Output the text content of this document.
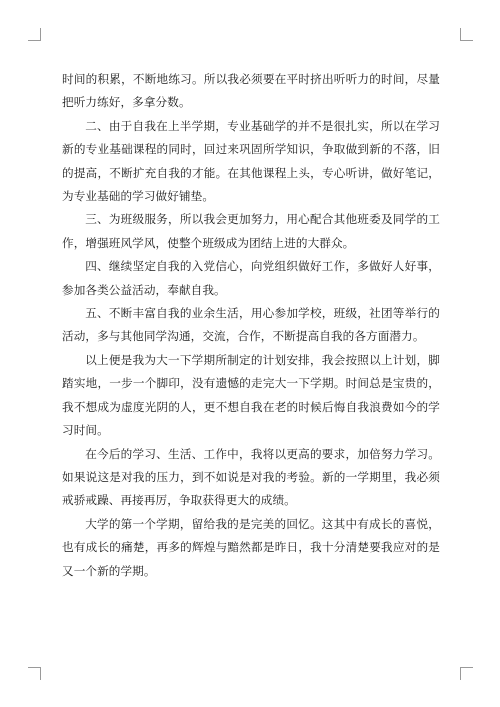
时间的积累，不断地练习。所以我必须要在平时挤出听听力的时间，尽量把听力练好，多拿分数。

二、由于自我在上半学期，专业基础学的并不是很扎实，所以在学习新的专业基础课程的同时，回过来巩固所学知识，争取做到新的不落，旧的提高，不断扩充自我的才能。在其他课程上头，专心听讲，做好笔记，为专业基础的学习做好铺垫。

三、为班级服务，所以我会更加努力，用心配合其他班委及同学的工作，增强班风学风，使整个班级成为团结上进的大群众。

四、继续坚定自我的入党信心，向党组织做好工作，多做好人好事，参加各类公益活动，奉献自我。

五、不断丰富自我的业余生活，用心参加学校，班级，社团等举行的活动，多与其他同学沟通，交流，合作，不断提高自我的各方面潜力。

以上便是我为大一下学期所制定的计划安排，我会按照以上计划，脚踏实地，一步一个脚印，没有遗憾的走完大一下学期。时间总是宝贵的，我不想成为虚度光阴的人，更不想自我在老的时候后悔自我浪费如今的学习时间。

在今后的学习、生活、工作中，我将以更高的要求，加倍努力学习。如果说这是对我的压力，到不如说是对我的考验。新的一学期里，我必须戒骄戒躁、再接再厉，争取获得更大的成绩。

大学的第一个学期，留给我的是完美的回忆。这其中有成长的喜悦，也有成长的痛楚，再多的辉煌与黯然都是昨日，我十分清楚要我应对的是又一个新的学期。
